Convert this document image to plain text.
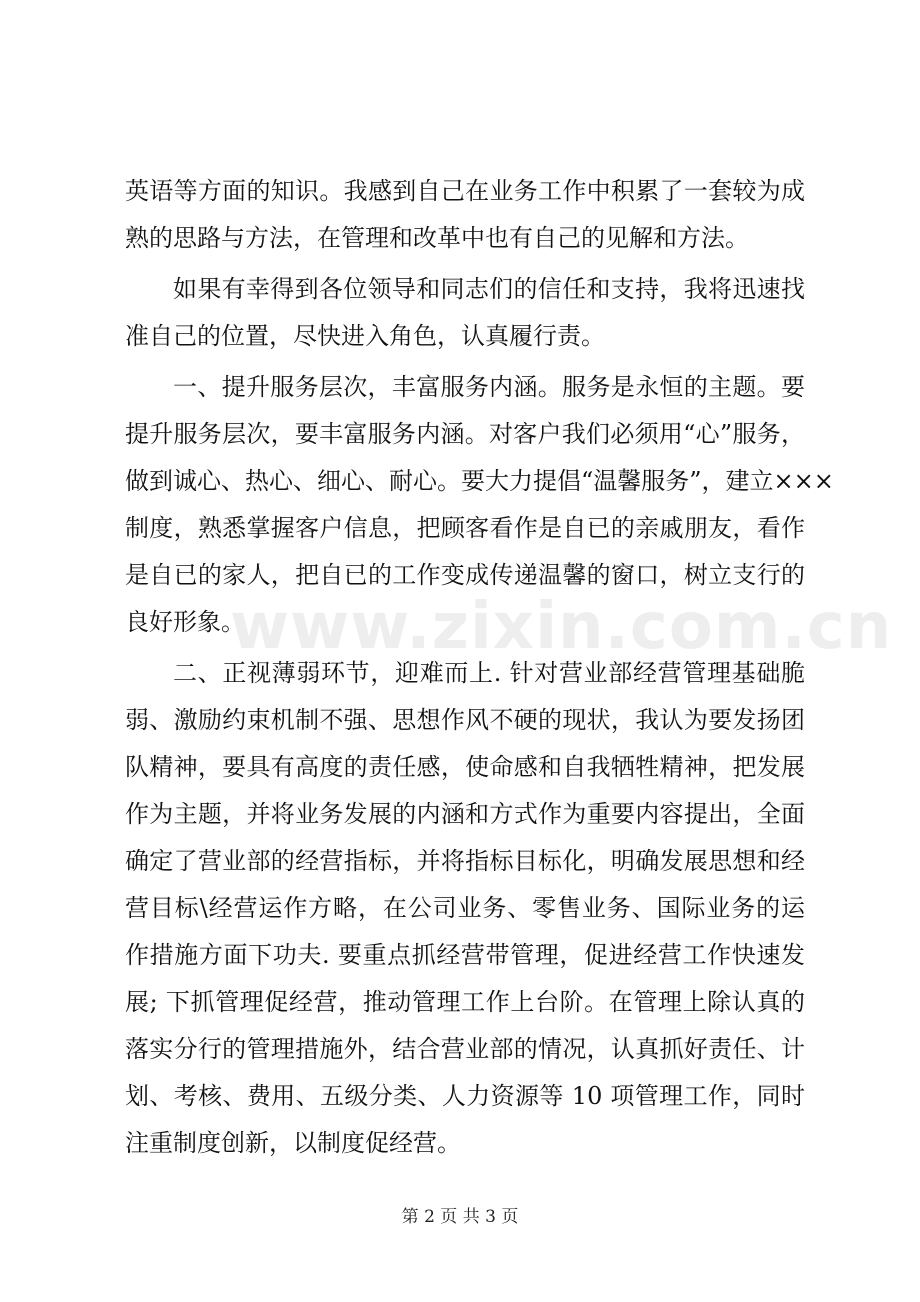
英语等方面的知识。我感到自己在业务工作中积累了一套较为成
熟的思路与方法，在管理和改革中也有自己的见解和方法。
如果有幸得到各位领导和同志们的信任和支持，我将迅速找
准自己的位置，尽快进入角色，认真履行责。
一、提升服务层次，丰富服务内涵。服务是永恒的主题。要
提升服务层次，要丰富服务内涵。对客户我们必须用“心”服务，
做到诚心、热心、细心、耐心。要大力提倡“温馨服务”，建立×××
制度，熟悉掌握客户信息，把顾客看作是自已的亲戚朋友，看作
是自已的家人，把自已的工作变成传递温馨的窗口，树立支行的
良好形象。
二、正视薄弱环节，迎难而上. 针对营业部经营管理基础脆
弱、激励约束机制不强、思想作风不硬的现状，我认为要发扬团
队精神，要具有高度的责任感，使命感和自我牺牲精神，把发展
作为主题，并将业务发展的内涵和方式作为重要内容提出，全面
确定了营业部的经营指标，并将指标目标化，明确发展思想和经
营目标\经营运作方略，在公司业务、零售业务、国际业务的运
作措施方面下功夫. 要重点抓经营带管理，促进经营工作快速发
展; 下抓管理促经营，推动管理工作上台阶。在管理上除认真的
落实分行的管理措施外，结合营业部的情况，认真抓好责任、计
划、考核、费用、五级分类、人力资源等 10 项管理工作，同时
注重制度创新，以制度促经营。
www.zixin.com.cn
第 2 页 共 3 页
